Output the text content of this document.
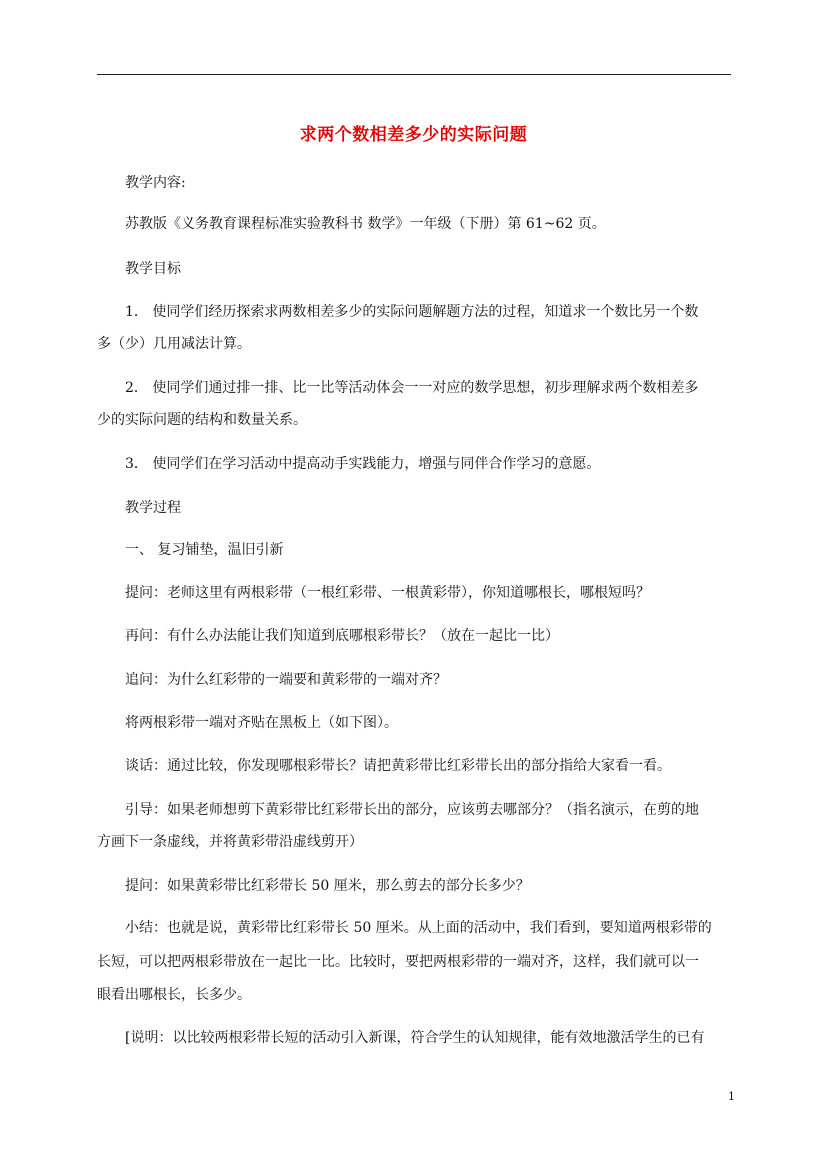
求两个数相差多少的实际问题
教学内容:
苏教版《义务教育课程标准实验教科书 数学》一年级（下册）第 61~62 页。
教学目标
1． 使同学们经历探索求两数相差多少的实际问题解题方法的过程，知道求一个数比另一个数
多（少）几用减法计算。
2． 使同学们通过排一排、比一比等活动体会一一对应的数学思想，初步理解求两个数相差多
少的实际问题的结构和数量关系。
3． 使同学们在学习活动中提高动手实践能力，增强与同伴合作学习的意愿。
教学过程
一、 复习铺垫，温旧引新
提问：老师这里有两根彩带（一根红彩带、一根黄彩带），你知道哪根长，哪根短吗？
再问：有什么办法能让我们知道到底哪根彩带长？（放在一起比一比）
追问：为什么红彩带的一端要和黄彩带的一端对齐？
将两根彩带一端对齐贴在黑板上（如下图）。
谈话：通过比较，你发现哪根彩带长？请把黄彩带比红彩带长出的部分指给大家看一看。
引导：如果老师想剪下黄彩带比红彩带长出的部分，应该剪去哪部分？（指名演示，在剪的地
方画下一条虚线，并将黄彩带沿虚线剪开）
提问：如果黄彩带比红彩带长 50 厘米，那么剪去的部分长多少？
小结：也就是说，黄彩带比红彩带长 50 厘米。从上面的活动中，我们看到，要知道两根彩带的
长短，可以把两根彩带放在一起比一比。比较时，要把两根彩带的一端对齐，这样，我们就可以一
眼看出哪根长，长多少。
[说明：以比较两根彩带长短的活动引入新课，符合学生的认知规律，能有效地激活学生的已有
1
